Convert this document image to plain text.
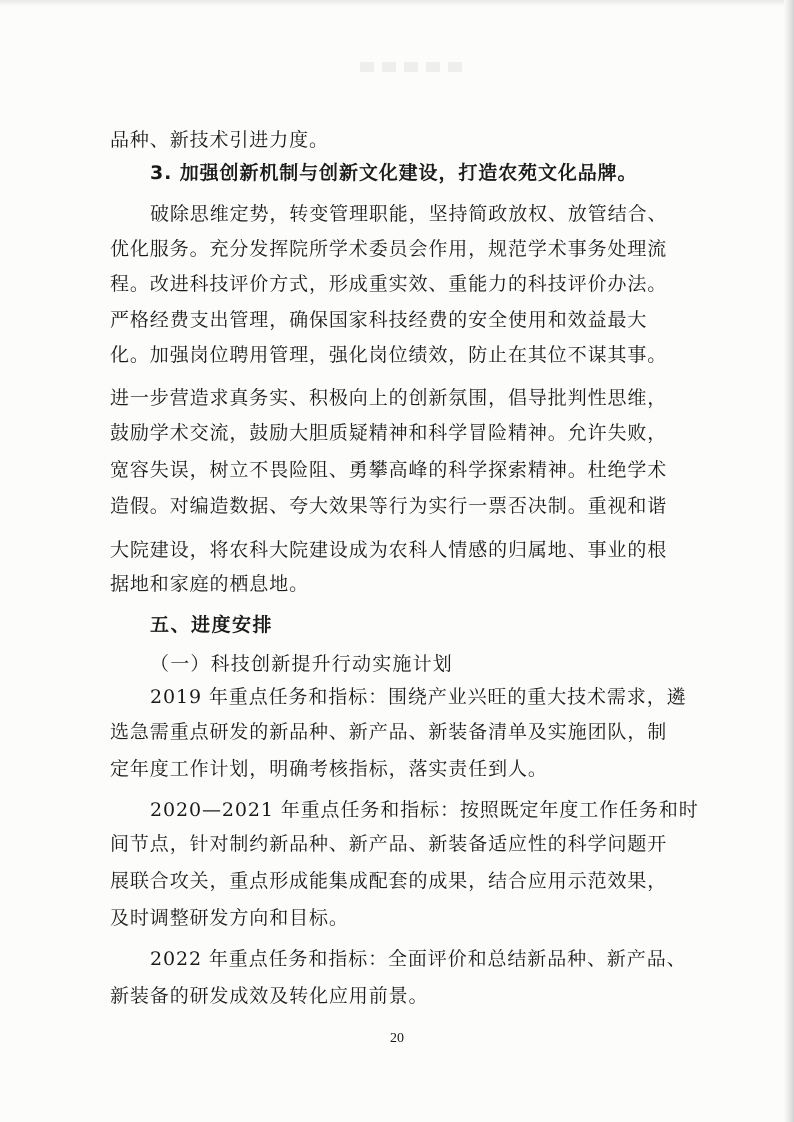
品种、新技术引进力度。
3. 加强创新机制与创新文化建设，打造农苑文化品牌。
破除思维定势，转变管理职能，坚持简政放权、放管结合、
优化服务。充分发挥院所学术委员会作用，规范学术事务处理流
程。改进科技评价方式，形成重实效、重能力的科技评价办法。
严格经费支出管理，确保国家科技经费的安全使用和效益最大
化。加强岗位聘用管理，强化岗位绩效，防止在其位不谋其事。
进一步营造求真务实、积极向上的创新氛围，倡导批判性思维，
鼓励学术交流，鼓励大胆质疑精神和科学冒险精神。允许失败，
宽容失误，树立不畏险阻、勇攀高峰的科学探索精神。杜绝学术
造假。对编造数据、夸大效果等行为实行一票否决制。重视和谐
大院建设，将农科大院建设成为农科人情感的归属地、事业的根
据地和家庭的栖息地。
五、进度安排
（一）科技创新提升行动实施计划
2019 年重点任务和指标：围绕产业兴旺的重大技术需求，遴
选急需重点研发的新品种、新产品、新装备清单及实施团队，制
定年度工作计划，明确考核指标，落实责任到人。
2020—2021 年重点任务和指标：按照既定年度工作任务和时
间节点，针对制约新品种、新产品、新装备适应性的科学问题开
展联合攻关，重点形成能集成配套的成果，结合应用示范效果，
及时调整研发方向和目标。
2022 年重点任务和指标：全面评价和总结新品种、新产品、
新装备的研发成效及转化应用前景。
20
